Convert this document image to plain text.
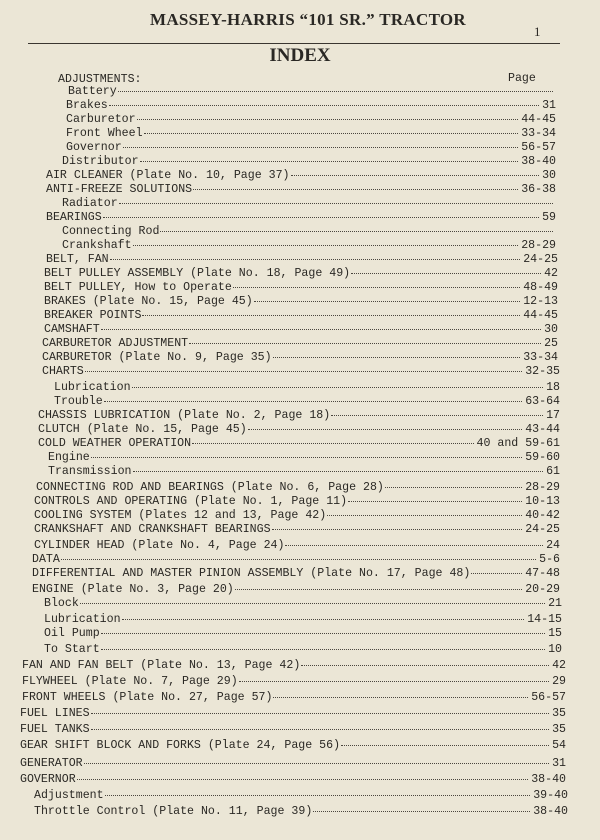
MASSEY-HARRIS “101 SR.” TRACTOR
1
INDEX
Page
ADJUSTMENTS:
Battery
Brakes	31
Carburetor	44-45
Front Wheel	33-34
Governor	56-57
Distributor	38-40
AIR CLEANER (Plate No. 10, Page 37)	30
ANTI-FREEZE SOLUTIONS	36-38
Radiator
BEARINGS	59
Connecting Rod
Crankshaft	28-29
BELT, FAN	24-25
BELT PULLEY ASSEMBLY (Plate No. 18, Page 49)	42
BELT PULLEY, How to Operate	48-49
BRAKES (Plate No. 15, Page 45)	12-13
BREAKER POINTS	44-45
CAMSHAFT	30
CARBURETOR ADJUSTMENT	25
CARBURETOR (Plate No. 9, Page 35)	33-34
CHARTS	32-35
Lubrication	18
Trouble	63-64
CHASSIS LUBRICATION (Plate No. 2, Page 18)	17
CLUTCH (Plate No. 15, Page 45)	43-44
COLD WEATHER OPERATION	40 and 59-61
Engine	59-60
Transmission	61
CONNECTING ROD AND BEARINGS (Plate No. 6, Page 28)	28-29
CONTROLS AND OPERATING (Plate No. 1, Page 11)	10-13
COOLING SYSTEM (Plates 12 and 13, Page 42)	40-42
CRANKSHAFT AND CRANKSHAFT BEARINGS	24-25
CYLINDER HEAD (Plate No. 4, Page 24)	24
DATA	5-6
DIFFERENTIAL AND MASTER PINION ASSEMBLY (Plate No. 17, Page 48)	47-48
ENGINE (Plate No. 3, Page 20)	20-29
Block	21
Lubrication	14-15
Oil Pump	15
To Start	10
FAN AND FAN BELT (Plate No. 13, Page 42)	42
FLYWHEEL (Plate No. 7, Page 29)	29
FRONT WHEELS (Plate No. 27, Page 57)	56-57
FUEL LINES	35
FUEL TANKS	35
GEAR SHIFT BLOCK AND FORKS (Plate 24, Page 56)	54
GENERATOR	31
GOVERNOR	38-40
Adjustment	39-40
Throttle Control (Plate No. 11, Page 39)	38-40
